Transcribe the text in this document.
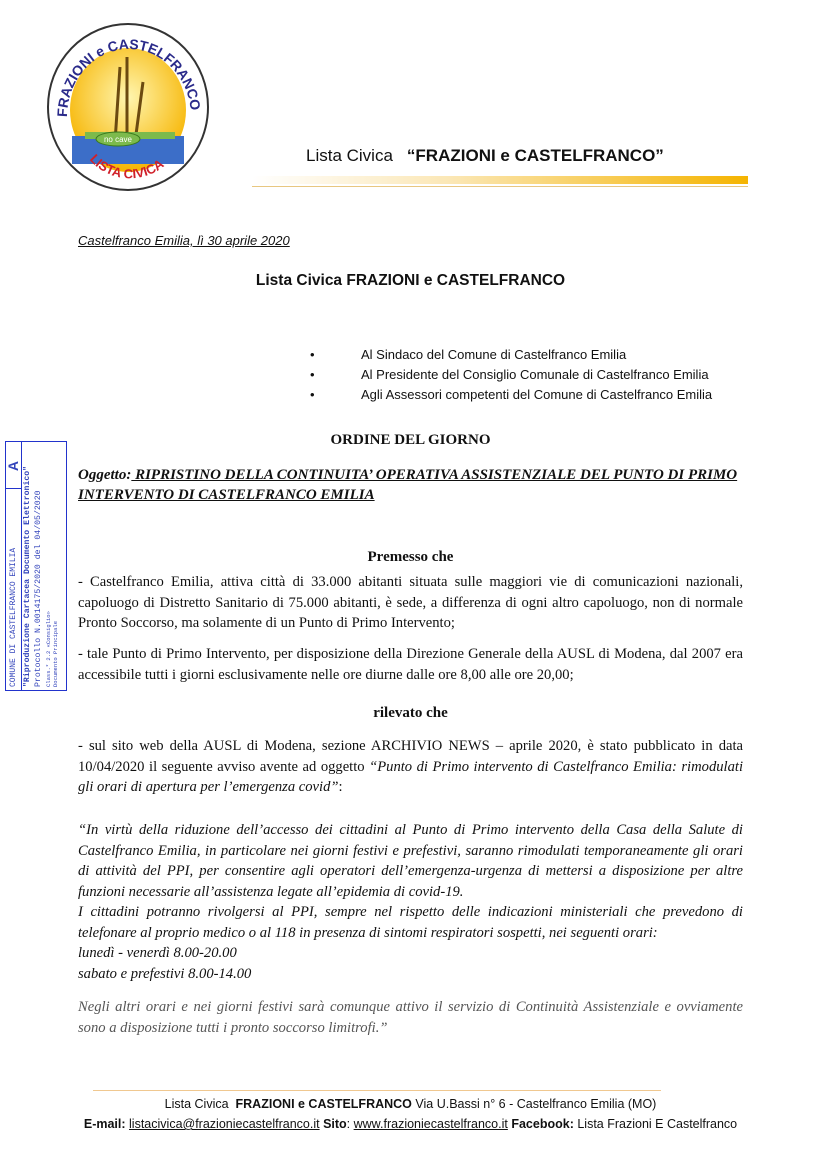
no cave
FRAZIONI e CASTELFRANCO
LISTA CIVICA	Lista Civica “FRAZIONI e CASTELFRANCO”
Castelfranco Emilia, lì 30 aprile 2020
Lista Civica FRAZIONI e CASTELFRANCO
•	Al Sindaco del Comune di Castelfranco Emilia
•	Al Presidente del Consiglio Comunale di Castelfranco Emilia
•	Agli Assessori competenti del Comune di Castelfranco Emilia
COMUNE DI CASTELFRANCO EMILIA
A "Riproduzione Cartacea Documento Elettronico" Protocollo N.0014175/2020 del 04/05/2020 Class.* 2.2 «Consiglio» Documento Principale
ORDINE DEL GIORNO
Oggetto: RIPRISTINO DELLA CONTINUITA’ OPERATIVA ASSISTENZIALE DEL PUNTO DI PRIMO INTERVENTO DI CASTELFRANCO EMILIA
Premesso che
- Castelfranco Emilia, attiva città di 33.000 abitanti situata sulle maggiori vie di comunicazioni nazionali, capoluogo di Distretto Sanitario di 75.000 abitanti, è sede, a differenza di ogni altro capoluogo, non di normale Pronto Soccorso, ma solamente di un Punto di Primo Intervento;
- tale Punto di Primo Intervento, per disposizione della Direzione Generale della AUSL di Modena, dal 2007 era accessibile tutti i giorni esclusivamente nelle ore diurne dalle ore 8,00 alle ore 20,00;
rilevato che
- sul sito web della AUSL di Modena, sezione ARCHIVIO NEWS – aprile 2020, è stato pubblicato in data 10/04/2020 il seguente avviso avente ad oggetto “Punto di Primo intervento di Castelfranco Emilia: rimodulati gli orari di apertura per l’emergenza covid”:
“In virtù della riduzione dell’accesso dei cittadini al Punto di Primo intervento della Casa della Salute di Castelfranco Emilia, in particolare nei giorni festivi e prefestivi, saranno rimodulati temporaneamente gli orari di attività del PPI, per consentire agli operatori dell’emergenza-urgenza di mettersi a disposizione per altre funzioni necessarie all’assistenza legate all’epidemia di covid-19.
I cittadini potranno rivolgersi al PPI, sempre nel rispetto delle indicazioni ministeriali che prevedono di telefonare al proprio medico o al 118 in presenza di sintomi respiratori sospetti, nei seguenti orari:
lunedì - venerdì 8.00-20.00
sabato e prefestivi 8.00-14.00
Negli altri orari e nei giorni festivi sarà comunque attivo il servizio di Continuità Assistenziale e ovviamente sono a disposizione tutti i pronto soccorso limitrofi.”
Lista Civica FRAZIONI e CASTELFRANCO Via U.Bassi n° 6 - Castelfranco Emilia (MO)
E-mail: listacivica@frazioniecastelfranco.it Sito: www.frazioniecastelfranco.it Facebook: Lista Frazioni E Castelfranco
